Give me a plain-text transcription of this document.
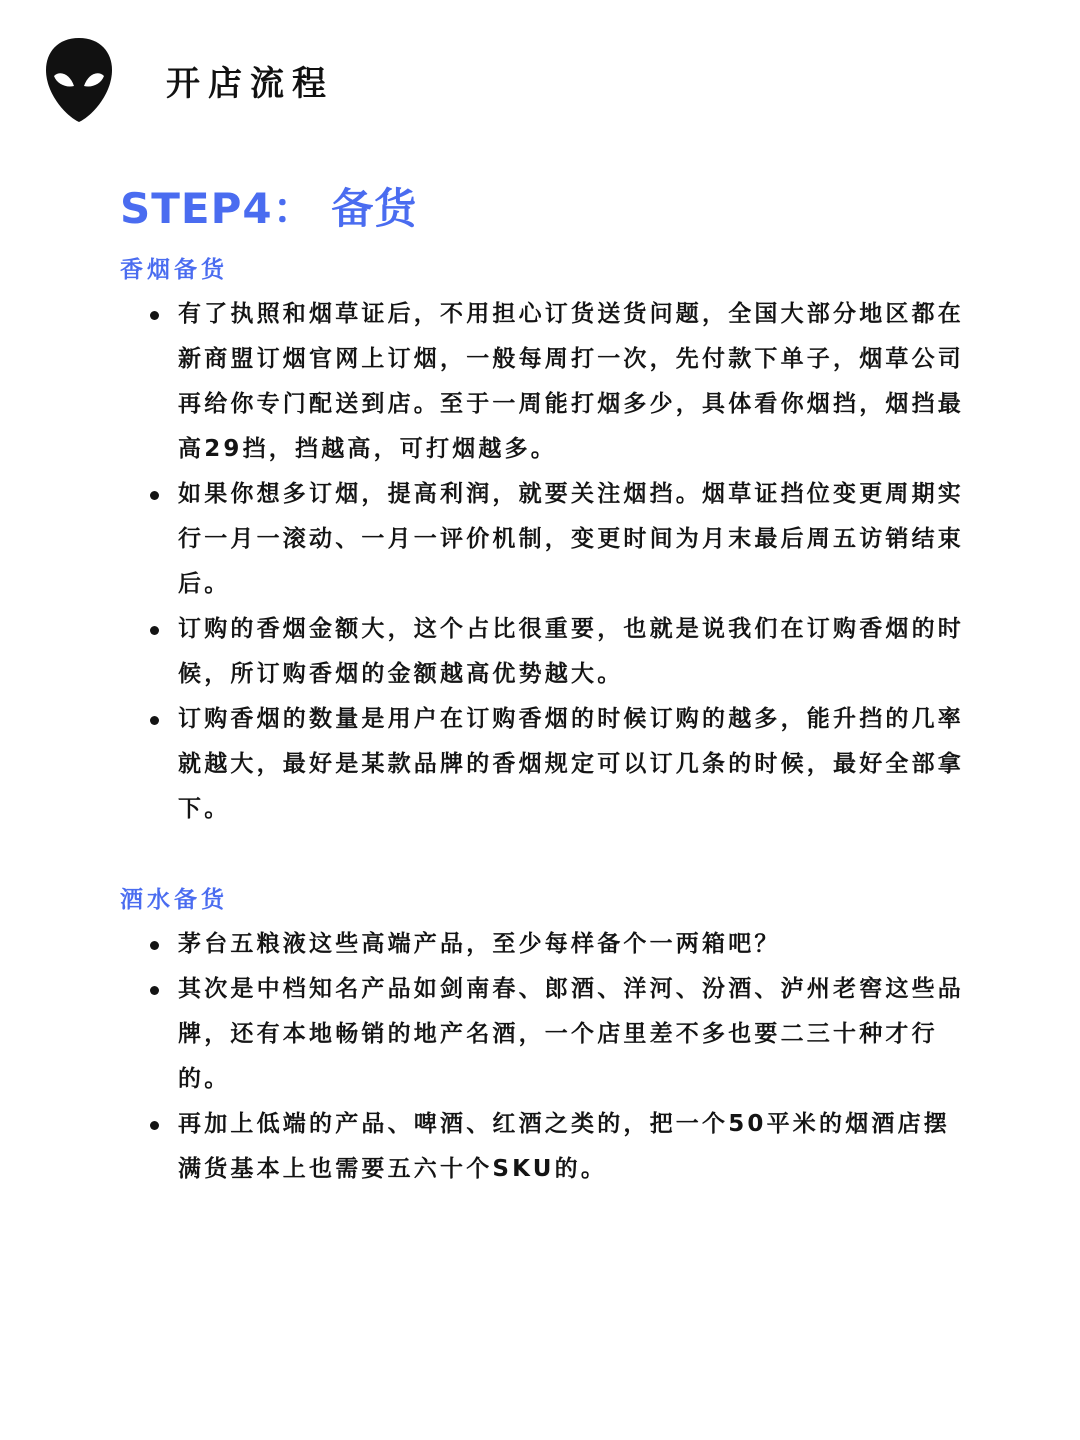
开店流程
STEP4： 备货
香烟备货
有了执照和烟草证后，不用担心订货送货问题，全国大部分地区都在新商盟订烟官网上订烟，一般每周打一次，先付款下单子，烟草公司再给你专门配送到店。至于一周能打烟多少，具体看你烟挡，烟挡最高29挡，挡越高，可打烟越多。
如果你想多订烟，提高利润，就要关注烟挡。烟草证挡位变更周期实行一月一滚动、一月一评价机制，变更时间为月末最后周五访销结束后。
订购的香烟金额大，这个占比很重要，也就是说我们在订购香烟的时候，所订购香烟的金额越高优势越大。
订购香烟的数量是用户在订购香烟的时候订购的越多，能升挡的几率就越大，最好是某款品牌的香烟规定可以订几条的时候，最好全部拿下。
酒水备货
茅台五粮液这些高端产品，至少每样备个一两箱吧？
其次是中档知名产品如剑南春、郎酒、洋河、汾酒、泸州老窖这些品牌，还有本地畅销的地产名酒，一个店里差不多也要二三十种才行的。
再加上低端的产品、啤酒、红酒之类的，把一个50平米的烟酒店摆满货基本上也需要五六十个SKU的。
